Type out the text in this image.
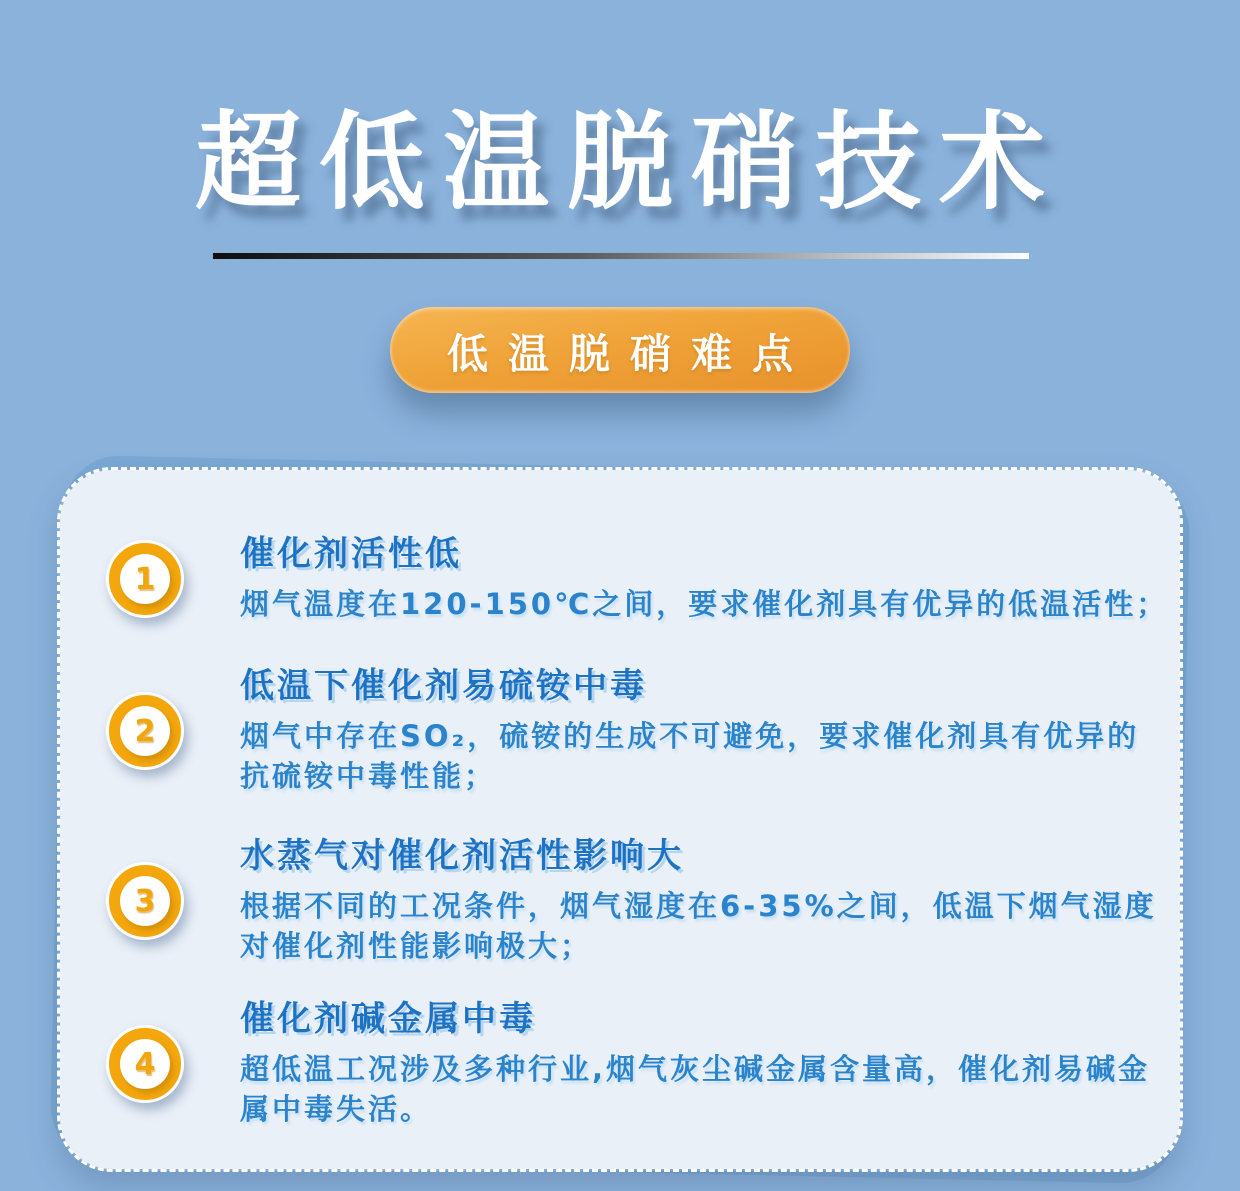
超低温脱硝技术
低温脱硝难点
1
催化剂活性低
烟气温度在120-150℃之间，要求催化剂具有优异的低温活性；
2
低温下催化剂易硫铵中毒
烟气中存在SO₂，硫铵的生成不可避免，要求催化剂具有优异的
抗硫铵中毒性能；
3
水蒸气对催化剂活性影响大
根据不同的工况条件，烟气湿度在6-35%之间，低温下烟气湿度
对催化剂性能影响极大；
4
催化剂碱金属中毒
超低温工况涉及多种行业,烟气灰尘碱金属含量高，催化剂易碱金
属中毒失活。
